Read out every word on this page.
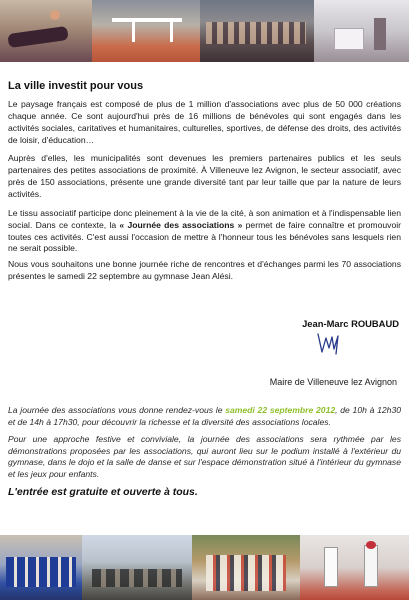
La ville investit pour vous

Le paysage français est composé de plus de 1 million d'associations avec plus de 50 000 créations chaque année. Ce sont aujourd'hui près de 16 millions de bénévoles qui sont engagés dans les activités sociales, caritatives et humanitaires, culturelles, sportives, de défense des droits, des activités de loisir, d'éducation…

Auprès d'elles, les municipalités sont devenues les premiers partenaires publics et les seuls partenaires des petites associations de proximité. À Villeneuve lez Avignon, le secteur associatif, avec près de 150 associations, présente une grande diversité tant par leur taille que par la nature de leurs activités.

Le tissu associatif participe donc pleinement à la vie de la cité, à son animation et à l'indispensable lien social. Dans ce contexte, la « Journée des associations » permet de faire connaître et promouvoir toutes ces activités. C'est aussi l'occasion de mettre à l'honneur tous les bénévoles sans lesquels rien ne serait possible.

Nous vous souhaitons une bonne journée riche de rencontres et d'échanges parmi les 70 associations présentes le samedi 22 septembre au gymnase Jean Alési.

Jean-Marc ROUBAUD
Maire de Villeneuve lez Avignon

La journée des associations vous donne rendez-vous le samedi 22 septembre 2012, de 10h à 12h30 et de 14h à 17h30, pour découvrir la richesse et la diversité des associations locales.

Pour une approche festive et conviviale, la journée des associations sera rythmée par les démonstrations proposées par les associations, qui auront lieu sur le podium installé à l'extérieur du gymnase, dans le dojo et la salle de danse et sur l'espace démonstration situé à l'intérieur du gymnase et les jeux pour enfants.

L'entrée est gratuite et ouverte à tous.
